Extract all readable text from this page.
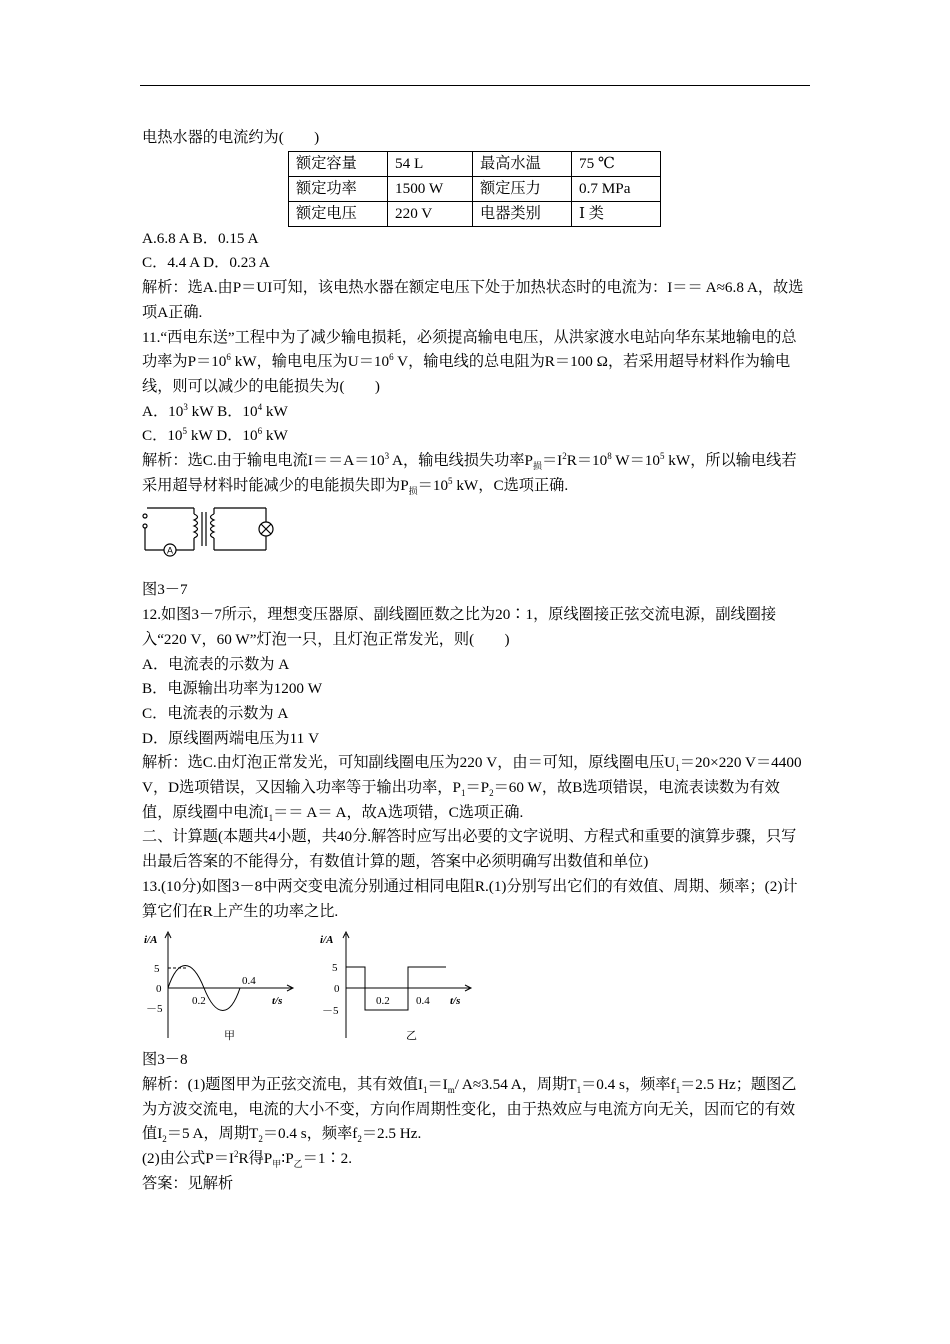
电热水器的电流约为(　　)

额定容量	54 L	最高水温	75 ℃
额定功率	1500 W	额定压力	0.7 MPa
额定电压	220 V	电器类别	Ⅰ 类

A.6.8 A B．0.15 A

C．4.4 A D．0.23 A

解析：选A.由P＝UI可知，该电热水器在额定电压下处于加热状态时的电流为：I＝＝ A≈6.8 A，故选项A正确.

11.“西电东送”工程中为了减少输电损耗，必须提高输电电压，从洪家渡水电站向华东某地输电的总功率为$P=10^6$ kW，输电电压为$U=10^6$ V，输电线的总电阻为R＝100 Ω，若采用超导材料作为输电线，则可以减少的电能损失为(　　)

A．$10^3$ kW B．$10^4$ kW

C．$10^5$ kW D．$10^6$ kW

解析：选C.由于输电电流$I==A=10^3$ A，输电线损失功率$P_损=I^2R=10^8$ $W=10^5$ kW，所以输电线若采用超导材料时能减少的电能损失即为$P_损=10^5$ kW，C选项正确.

A

图3－7

12.如图3－7所示，理想变压器原、副线圈匝数之比为20∶1，原线圈接正弦交流电源，副线圈接入“220 V，60 W”灯泡一只，且灯泡正常发光，则(　　)

A．电流表的示数为 A

B．电源输出功率为1200 W

C．电流表的示数为 A

D．原线圈两端电压为11 V

解析：选C.由灯泡正常发光，可知副线圈电压为220 V，由＝可知，原线圈电压$U_1=20\times 220$ V＝4400 V，D选项错误，又因输入功率等于输出功率，$P_1=P_2=60$ W，故B选项错误，电流表读数为有效值，原线圈中电流$I_1== A= A$，故A选项错，C选项正确.

二、计算题(本题共4小题，共40分.解答时应写出必要的文字说明、方程式和重要的演算步骤，只写出最后答案的不能得分，有数值计算的题，答案中必须明确写出数值和单位)

13.(10分)如图3－8中两交变电流分别通过相同电阻R.(1)分别写出它们的有效值、周期、频率；(2)计算它们在R上产生的功率之比.

i/A
5
0
－5
0.2
0.4
t/s
甲
i/A
5
0
－5
0.2 0.4 t/s
乙

图3－8

解析：(1)题图甲为正弦交流电，其有效值$I_1=I_m/$ A≈3.54 A，周期$T_1=0.4$ s，频率$f_1=2.5$ Hz；题图乙为方波交流电，电流的大小不变，方向作周期性变化，由于热效应与电流方向无关，因而它的有效值$I_2=5$ A，周期$T_2=0.4$ s，频率$f_2=2.5$ Hz.

(2)由公式$P=I^2R$得$P_甲∶P_乙=1∶2$.

答案：见解析
